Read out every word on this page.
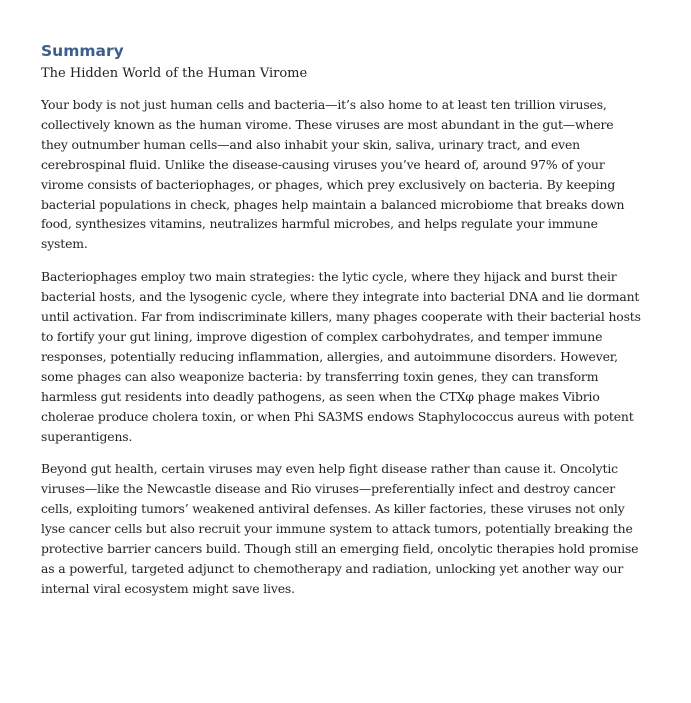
Summary
The Hidden World of the Human Virome

Your body is not just human cells and bacteria—it’s also home to at least ten trillion viruses, collectively known as the human virome. These viruses are most abundant in the gut—where they outnumber human cells—and also inhabit your skin, saliva, urinary tract, and even cerebrospinal fluid. Unlike the disease-causing viruses you’ve heard of, around 97% of your virome consists of bacteriophages, or phages, which prey exclusively on bacteria. By keeping bacterial populations in check, phages help maintain a balanced microbiome that breaks down food, synthesizes vitamins, neutralizes harmful microbes, and helps regulate your immune system.

Bacteriophages employ two main strategies: the lytic cycle, where they hijack and burst their bacterial hosts, and the lysogenic cycle, where they integrate into bacterial DNA and lie dormant until activation. Far from indiscriminate killers, many phages cooperate with their bacterial hosts to fortify your gut lining, improve digestion of complex carbohydrates, and temper immune responses, potentially reducing inflammation, allergies, and autoimmune disorders. However, some phages can also weaponize bacteria: by transferring toxin genes, they can transform harmless gut residents into deadly pathogens, as seen when the CTXφ phage makes Vibrio cholerae produce cholera toxin, or when Phi SA3MS endows Staphylococcus aureus with potent superantigens.

Beyond gut health, certain viruses may even help fight disease rather than cause it. Oncolytic viruses—like the Newcastle disease and Rio viruses—preferentially infect and destroy cancer cells, exploiting tumors’ weakened antiviral defenses. As killer factories, these viruses not only lyse cancer cells but also recruit your immune system to attack tumors, potentially breaking the protective barrier cancers build. Though still an emerging field, oncolytic therapies hold promise as a powerful, targeted adjunct to chemotherapy and radiation, unlocking yet another way our internal viral ecosystem might save lives.
